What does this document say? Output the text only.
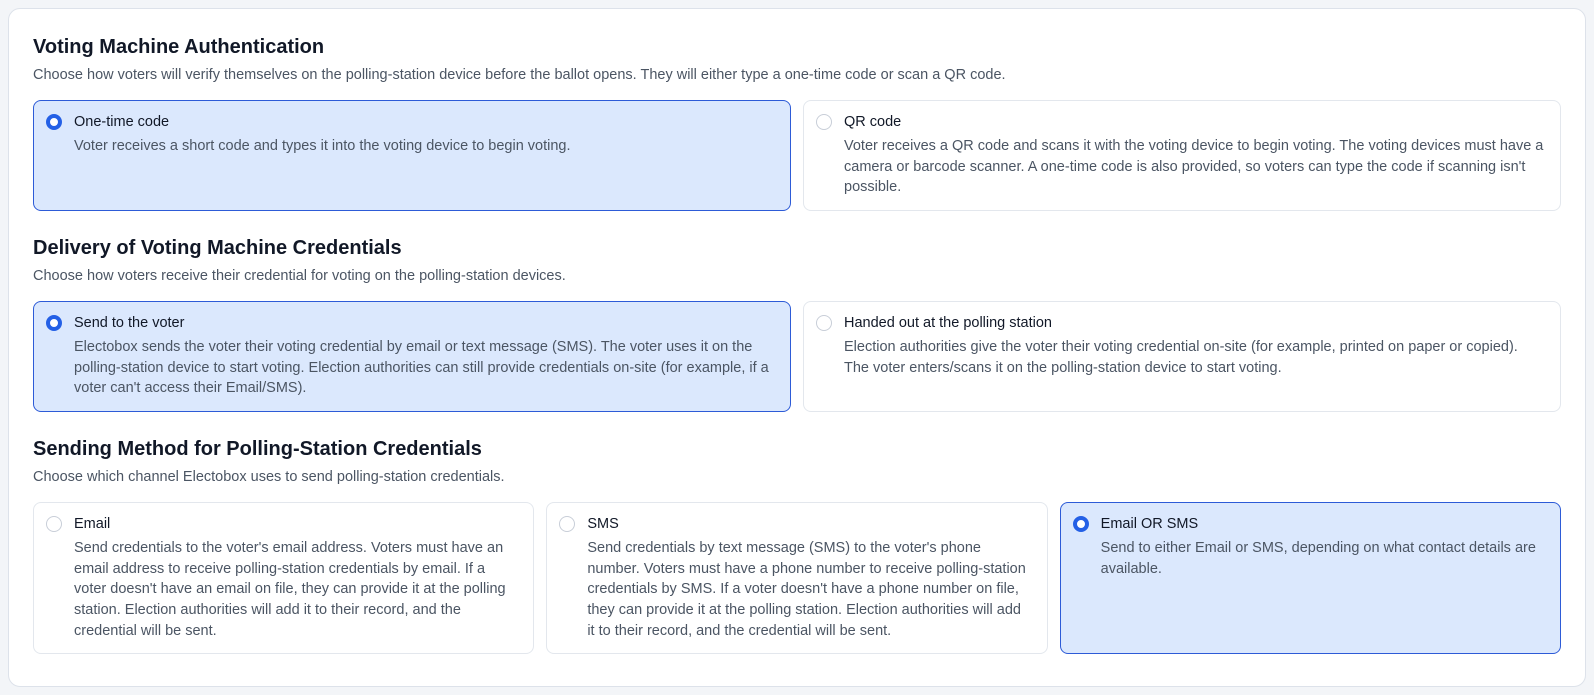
Voting Machine Authentication
Choose how voters will verify themselves on the polling-station device before the ballot opens. They will either type a one-time code or scan a QR code.
One-time code
Voter receives a short code and types it into the voting device to begin voting.
QR code
Voter receives a QR code and scans it with the voting device to begin voting. The voting devices must have a camera or barcode scanner. A one-time code is also provided, so voters can type the code if scanning isn't possible.
Delivery of Voting Machine Credentials
Choose how voters receive their credential for voting on the polling-station devices.
Send to the voter
Electobox sends the voter their voting credential by email or text message (SMS). The voter uses it on the polling-station device to start voting. Election authorities can still provide credentials on-site (for example, if a voter can't access their Email/SMS).
Handed out at the polling station
Election authorities give the voter their voting credential on-site (for example, printed on paper or copied). The voter enters/scans it on the polling-station device to start voting.
Sending Method for Polling-Station Credentials
Choose which channel Electobox uses to send polling-station credentials.
Email
Send credentials to the voter's email address. Voters must have an email address to receive polling-station credentials by email. If a voter doesn't have an email on file, they can provide it at the polling station. Election authorities will add it to their record, and the credential will be sent.
SMS
Send credentials by text message (SMS) to the voter's phone number. Voters must have a phone number to receive polling-station credentials by SMS. If a voter doesn't have a phone number on file, they can provide it at the polling station. Election authorities will add it to their record, and the credential will be sent.
Email OR SMS
Send to either Email or SMS, depending on what contact details are available.
